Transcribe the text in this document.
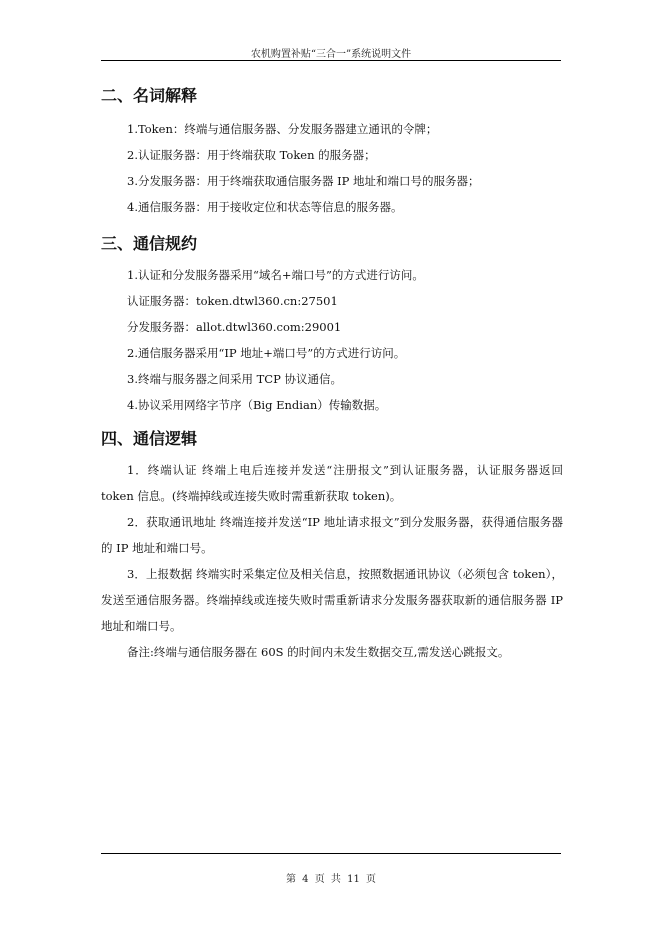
农机购置补贴“三合一”系统说明文件
二、名词解释
1.Token：终端与通信服务器、分发服务器建立通讯的令牌；
2.认证服务器：用于终端获取 Token 的服务器；
3.分发服务器：用于终端获取通信服务器 IP 地址和端口号的服务器；
4.通信服务器：用于接收定位和状态等信息的服务器。
三、通信规约
1.认证和分发服务器采用“域名+端口号”的方式进行访问。
认证服务器：token.dtwl360.cn:27501
分发服务器：allot.dtwl360.com:29001
2.通信服务器采用“IP 地址+端口号”的方式进行访问。
3.终端与服务器之间采用 TCP 协议通信。
4.协议采用网络字节序（Big Endian）传输数据。
四、通信逻辑

1．终端认证 终端上电后连接并发送“注册报文”到认证服务器，认证服务器返回 token 信息。(终端掉线或连接失败时需重新获取 token)。

2．获取通讯地址 终端连接并发送“IP 地址请求报文”到分发服务器，获得通信服务器的 IP 地址和端口号。

3．上报数据 终端实时采集定位及相关信息，按照数据通讯协议（必须包含 token），发送至通信服务器。终端掉线或连接失败时需重新请求分发服务器获取新的通信服务器 IP 地址和端口号。

备注:终端与通信服务器在 60S 的时间内未发生数据交互,需发送心跳报文。

第 4 页 共 11 页
